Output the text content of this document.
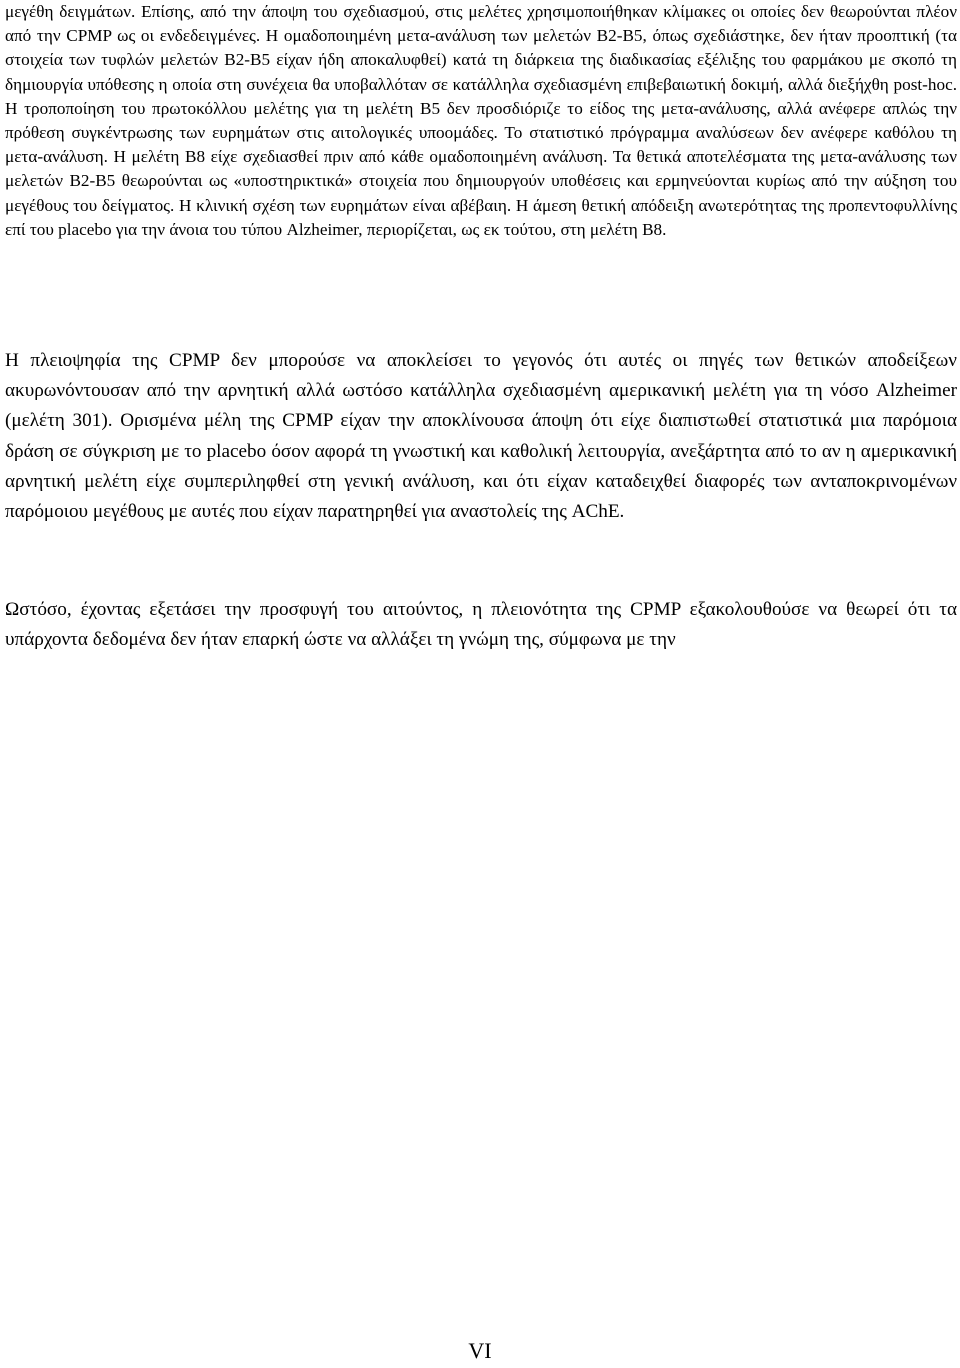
μεγέθη δειγμάτων. Επίσης, από την άποψη του σχεδιασμού, στις μελέτες χρησιμοποιήθηκαν κλίμακες οι οποίες δεν θεωρούνται πλέον από την CPMP ως οι ενδεδειγμένες. Η ομαδοποιημένη μετα-ανάλυση των μελετών B2-B5, όπως σχεδιάστηκε, δεν ήταν προοπτική (τα στοιχεία των τυφλών μελετών B2-B5 είχαν ήδη αποκαλυφθεί) κατά τη διάρκεια της διαδικασίας εξέλιξης του φαρμάκου με σκοπό τη δημιουργία υπόθεσης η οποία στη συνέχεια θα υποβαλλόταν σε κατάλληλα σχεδιασμένη επιβεβαιωτική δοκιμή, αλλά διεξήχθη post-hoc. Η τροποποίηση του πρωτοκόλλου μελέτης για τη μελέτη B5 δεν προσδιόριζε το είδος της μετα-ανάλυσης, αλλά ανέφερε απλώς την πρόθεση συγκέντρωσης των ευρημάτων στις αιτολογικές υποομάδες. Το στατιστικό πρόγραμμα αναλύσεων δεν ανέφερε καθόλου τη μετα-ανάλυση. Η μελέτη B8 είχε σχεδιασθεί πριν από κάθε ομαδοποιημένη ανάλυση. Τα θετικά αποτελέσματα της μετα-ανάλυσης των μελετών B2-B5 θεωρούνται ως «υποστηρικτικά» στοιχεία που δημιουργούν υποθέσεις και ερμηνεύονται κυρίως από την αύξηση του μεγέθους του δείγματος. Η κλινική σχέση των ευρημάτων είναι αβέβαιη. Η άμεση θετική απόδειξη ανωτερότητας της προπεντοφυλλίνης επί του placebo για την άνοια του τύπου Alzheimer, περιορίζεται, ως εκ τούτου, στη μελέτη B8.

Η πλειοψηφία της CPMP δεν μπορούσε να αποκλείσει το γεγονός ότι αυτές οι πηγές των θετικών αποδείξεων ακυρωνόντουσαν από την αρνητική αλλά ωστόσο κατάλληλα σχεδιασμένη αμερικανική μελέτη για τη νόσο Alzheimer (μελέτη 301). Ορισμένα μέλη της CPMP είχαν την αποκλίνουσα άποψη ότι είχε διαπιστωθεί στατιστικά μια παρόμοια δράση σε σύγκριση με το placebo όσον αφορά τη γνωστική και καθολική λειτουργία, ανεξάρτητα από το αν η αμερικανική αρνητική μελέτη είχε συμπεριληφθεί στη γενική ανάλυση, και ότι είχαν καταδειχθεί διαφορές των ανταποκρινομένων παρόμοιου μεγέθους με αυτές που είχαν παρατηρηθεί για αναστολείς της AChE.

Ωστόσο, έχοντας εξετάσει την προσφυγή του αιτούντος, η πλειονότητα της CPMP εξακολουθούσε να θεωρεί ότι τα υπάρχοντα δεδομένα δεν ήταν επαρκή ώστε να αλλάξει τη γνώμη της, σύμφωνα με την

VI
